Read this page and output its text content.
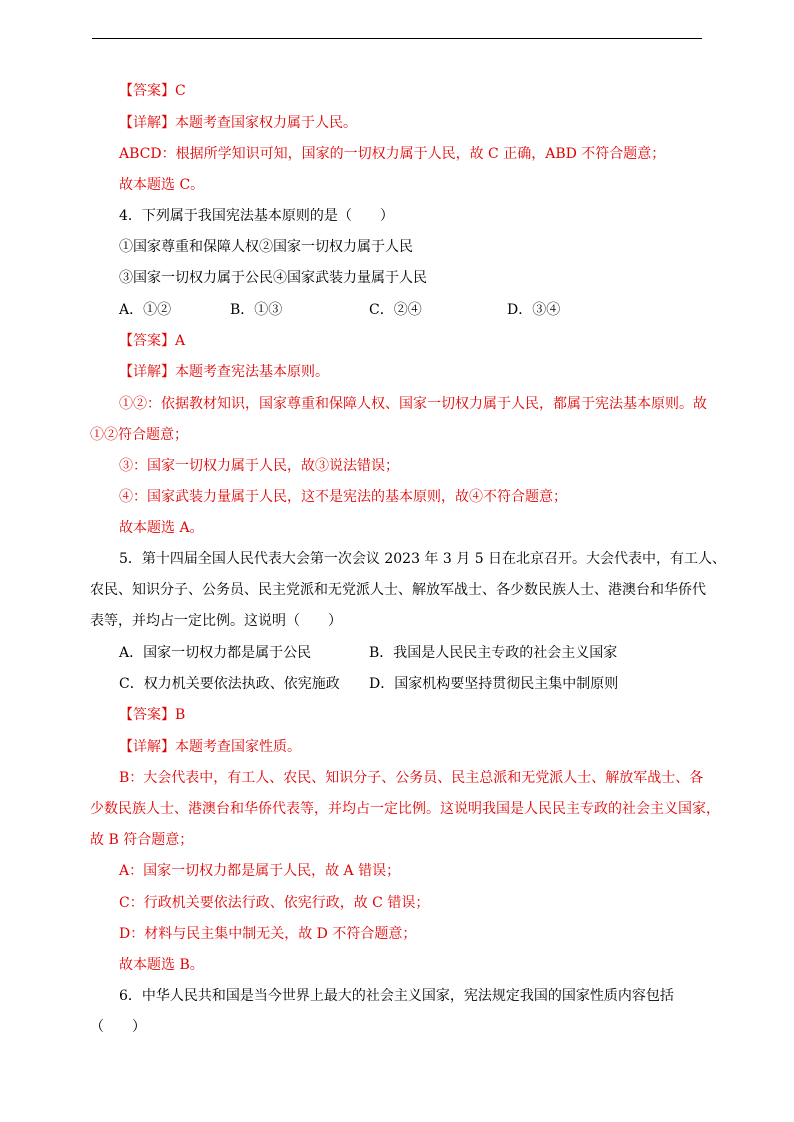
【答案】C
【详解】本题考查国家权力属于人民。
ABCD：根据所学知识可知，国家的一切权力属于人民，故 C 正确，ABD 不符合题意；
故本题选 C。
4．下列属于我国宪法基本原则的是（　　）
①国家尊重和保障人权②国家一切权力属于人民
③国家一切权力属于公民④国家武装力量属于人民
A．①②	B．①③	C．②④	D．③④
【答案】A
【详解】本题考查宪法基本原则。
①②：依据教材知识，国家尊重和保障人权、国家一切权力属于人民，都属于宪法基本原则。故
①②符合题意；
③：国家一切权力属于人民，故③说法错误；
④：国家武装力量属于人民，这不是宪法的基本原则，故④不符合题意；
故本题选 A。
5．第十四届全国人民代表大会第一次会议 2023 年 3 月 5 日在北京召开。大会代表中，有工人、
农民、知识分子、公务员、民主党派和无党派人士、解放军战士、各少数民族人士、港澳台和华侨代
表等，并均占一定比例。这说明（　　）
A．国家一切权力都是属于公民	B．我国是人民民主专政的社会主义国家
C．权力机关要依法执政、依宪施政 D．国家机构要坚持贯彻民主集中制原则
【答案】B
【详解】本题考查国家性质。
B：大会代表中，有工人、农民、知识分子、公务员、民主总派和无党派人士、解放军战士、各
少数民族人士、港澳台和华侨代表等，并均占一定比例。这说明我国是人民民主专政的社会主义国家，
故 B 符合题意；
A：国家一切权力都是属于人民，故 A 错误；
C：行政机关要依法行政、依宪行政，故 C 错误；
D：材料与民主集中制无关，故 D 不符合题意；
故本题选 B。
6．中华人民共和国是当今世界上最大的社会主义国家，宪法规定我国的国家性质内容包括
（　　）
